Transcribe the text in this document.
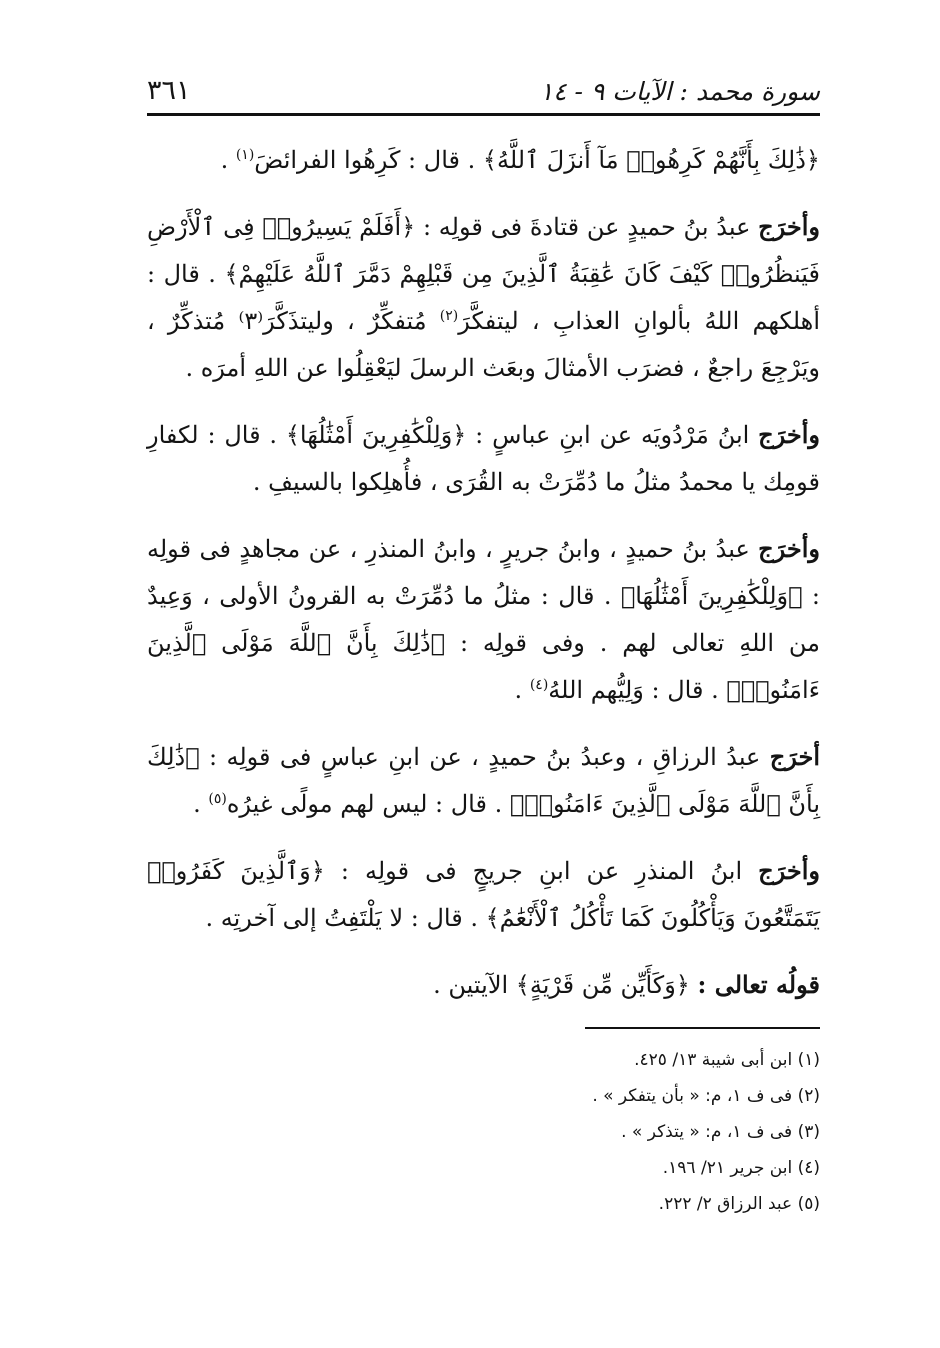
سورة محمد : الآيات ٩ - ١٤
٣٦١

﴿ذَٰلِكَ بِأَنَّهُمْ كَرِهُوا۟ مَآ أَنزَلَ ٱللَّهُ﴾ . قال : كَرِهُوا الفرائضَ$^{(١)}$ .

وأخرَج عبدُ بنُ حميدٍ عن قتادةَ فى قولِه : ﴿أَفَلَمْ يَسِيرُوا۟ فِى ٱلْأَرْضِ فَيَنظُرُوا۟ كَيْفَ كَانَ عَٰقِبَةُ ٱلَّذِينَ مِن قَبْلِهِمْ دَمَّرَ ٱللَّهُ عَلَيْهِمْ﴾ . قال : أهلكهم اللهُ بألوانِ العذابِ ، ليتفكَّرَ$^{(٢)}$ مُتفكِّرٌ ، وليتذَكَّرَ⁽٣⁾ مُتذكِّرٌ ، ويَرْجِعَ راجعٌ ، فضرَب الأمثالَ وبعَث الرسلَ ليَعْقِلُوا عن اللهِ أمرَه .

وأخرَج ابنُ مَرْدُويَه عن ابنِ عباسٍ : ﴿وَلِلْكَٰفِرِينَ أَمْثَٰلُهَا﴾ . قال : لكفارِ قومِك يا محمدُ مثلُ ما دُمِّرَتْ به القُرَى ، فأُهلِكوا بالسيفِ .

وأخرَج عبدُ بنُ حميدٍ ، وابنُ جريرٍ ، وابنُ المنذرِ ، عن مجاهدٍ فى قولِه : ﴿وَلِلْكَٰفِرِينَ أَمْثَٰلُهَا﴾ . قال : مثلُ ما دُمِّرَتْ به القرونُ الأولى ، وَعِيدٌ من اللهِ تعالى لهم . وفى قولِه : ﴿ذَٰلِكَ بِأَنَّ ٱللَّهَ مَوْلَى ٱلَّذِينَ ءَامَنُوا۟﴾ . قال : وَلِيُّهم اللهُ$^{(٤)}$ .

أخرَج عبدُ الرزاقِ ، وعبدُ بنُ حميدٍ ، عن ابنِ عباسٍ فى قولِه : ﴿ذَٰلِكَ بِأَنَّ ٱللَّهَ مَوْلَى ٱلَّذِينَ ءَامَنُوا۟﴾ . قال : ليس لهم مولًى غيرُه$^{(٥)}$ .

وأخرَج ابنُ المنذرِ عن ابنِ جريجٍ فى قولِه : ﴿وَٱلَّذِينَ كَفَرُوا۟ يَتَمَتَّعُونَ وَيَأْكُلُونَ كَمَا تَأْكُلُ ٱلْأَنْعَٰمُ﴾ . قال : لا يَلْتَفِتُ إلى آخرتِه .

قولُه تعالى : ﴿وَكَأَيِّن مِّن قَرْيَةٍ﴾ الآيتين .

(١) ابن أبى شيبة ١٣/ ٤٢٥.

(٢) فى ف ١، م: « بأن يتفكر » .

(٣) فى ف ١، م: « يتذكر » .

(٤) ابن جرير ٢١/ ١٩٦.

(٥) عبد الرزاق ٢/ ٢٢٢.
